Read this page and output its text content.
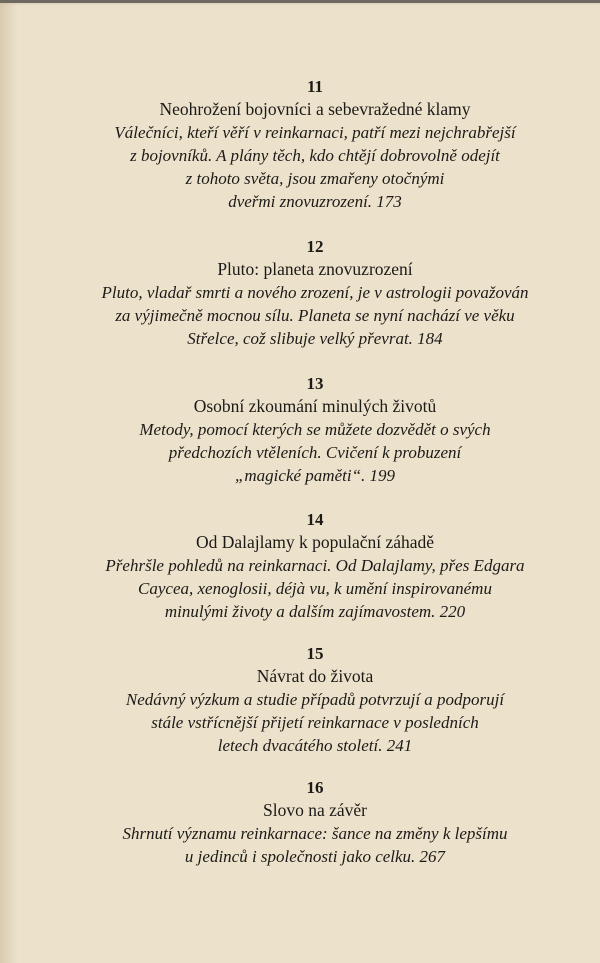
11

Neohrožení bojovníci a sebevražedné klamy

Válečníci, kteří věří v reinkarnaci, patří mezi nejchrabřejší
z bojovníků. A plány těch, kdo chtějí dobrovolně odejít
z tohoto světa, jsou zmařeny otočnými
dveřmi znovuzrození. 173

12

Pluto: planeta znovuzrození

Pluto, vladař smrti a nového zrození, je v astrologii považován
za výjimečně mocnou sílu. Planeta se nyní nachází ve věku
Střelce, což slibuje velký převrat. 184

13

Osobní zkoumání minulých životů

Metody, pomocí kterých se můžete dozvědět o svých
předchozích vtěleních. Cvičení k probuzení
„magické paměti“. 199

14

Od Dalajlamy k populační záhadě

Přehršle pohledů na reinkarnaci. Od Dalajlamy, přes Edgara
Caycea, xenoglosii, déjà vu, k umění inspirovanému
minulými životy a dalším zajímavostem. 220

15

Návrat do života

Nedávný výzkum a studie případů potvrzují a podporují
stále vstřícnější přijetí reinkarnace v posledních
letech dvacátého století. 241

16

Slovo na závěr

Shrnutí významu reinkarnace: šance na změny k lepšímu
u jedinců i společnosti jako celku. 267
